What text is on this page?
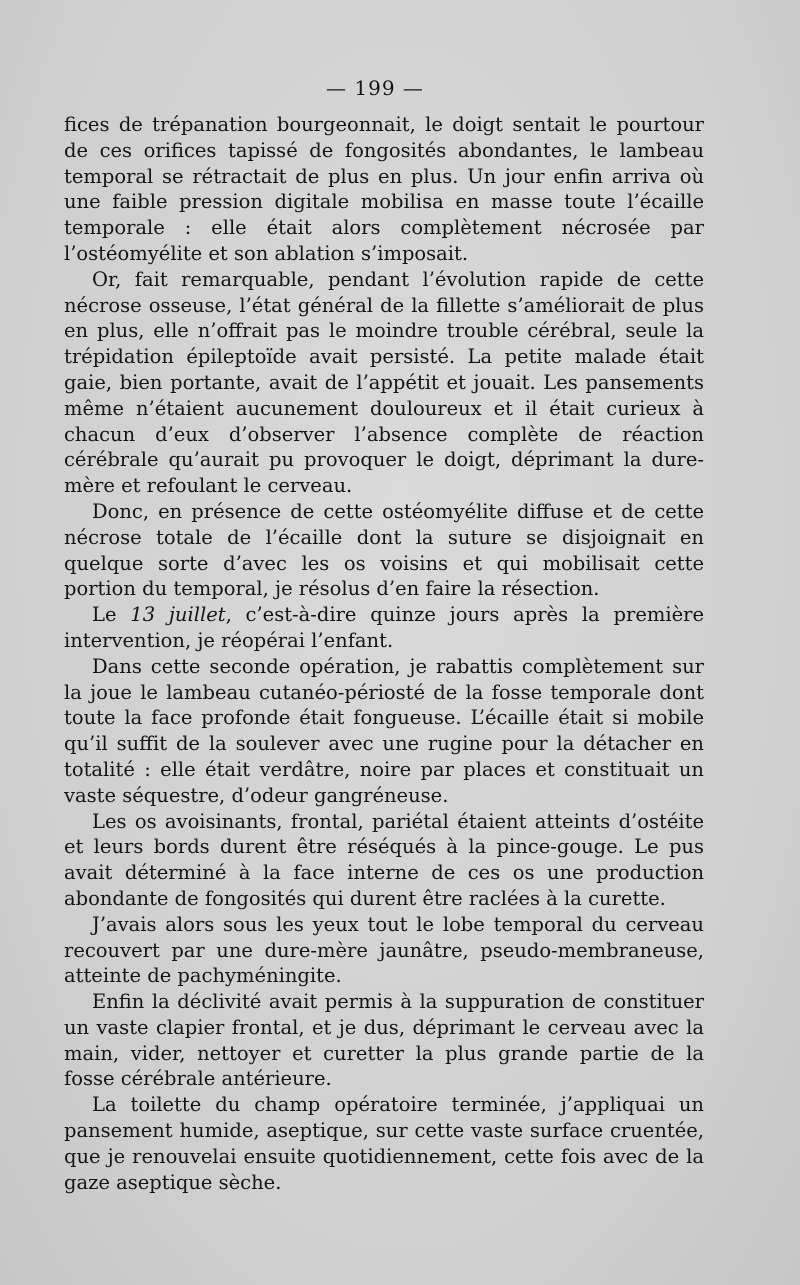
— 199 —

fices de trépanation bourgeonnait, le doigt sentait le pourtour de ces orifices tapissé de fongosités abondantes, le lambeau temporal se rétractait de plus en plus. Un jour enfin arriva où une faible pression digitale mobilisa en masse toute l’écaille temporale : elle était alors complètement nécrosée par l’ostéomyélite et son ablation s’imposait.

Or, fait remarquable, pendant l’évolution rapide de cette nécrose osseuse, l’état général de la fillette s’améliorait de plus en plus, elle n’offrait pas le moindre trouble cérébral, seule la trépidation épileptoïde avait persisté. La petite malade était gaie, bien portante, avait de l’appétit et jouait. Les pansements même n’étaient aucunement douloureux et il était curieux à chacun d’eux d’observer l’absence complète de réaction cérébrale qu’aurait pu provoquer le doigt, déprimant la dure-mère et refoulant le cerveau.

Donc, en présence de cette ostéomyélite diffuse et de cette nécrose totale de l’écaille dont la suture se disjoignait en quelque sorte d’avec les os voisins et qui mobilisait cette portion du temporal, je résolus d’en faire la résection.

Le 13 juillet, c’est-à-dire quinze jours après la première intervention, je réopérai l’enfant.

Dans cette seconde opération, je rabattis complètement sur la joue le lambeau cutanéo-périosté de la fosse temporale dont toute la face profonde était fongueuse. L’écaille était si mobile qu’il suffit de la soulever avec une rugine pour la détacher en totalité : elle était verdâtre, noire par places et constituait un vaste séquestre, d’odeur gangréneuse.

Les os avoisinants, frontal, pariétal étaient atteints d’ostéite et leurs bords durent être réséqués à la pince-gouge. Le pus avait déterminé à la face interne de ces os une production abondante de fongosités qui durent être raclées à la curette.

J’avais alors sous les yeux tout le lobe temporal du cerveau recouvert par une dure-mère jaunâtre, pseudo-membraneuse, atteinte de pachyméningite.

Enfin la déclivité avait permis à la suppuration de constituer un vaste clapier frontal, et je dus, déprimant le cerveau avec la main, vider, nettoyer et curetter la plus grande partie de la fosse cérébrale antérieure.

La toilette du champ opératoire terminée, j’appliquai un pansement humide, aseptique, sur cette vaste surface cruentée, que je renouvelai ensuite quotidiennement, cette fois avec de la gaze aseptique sèche.
